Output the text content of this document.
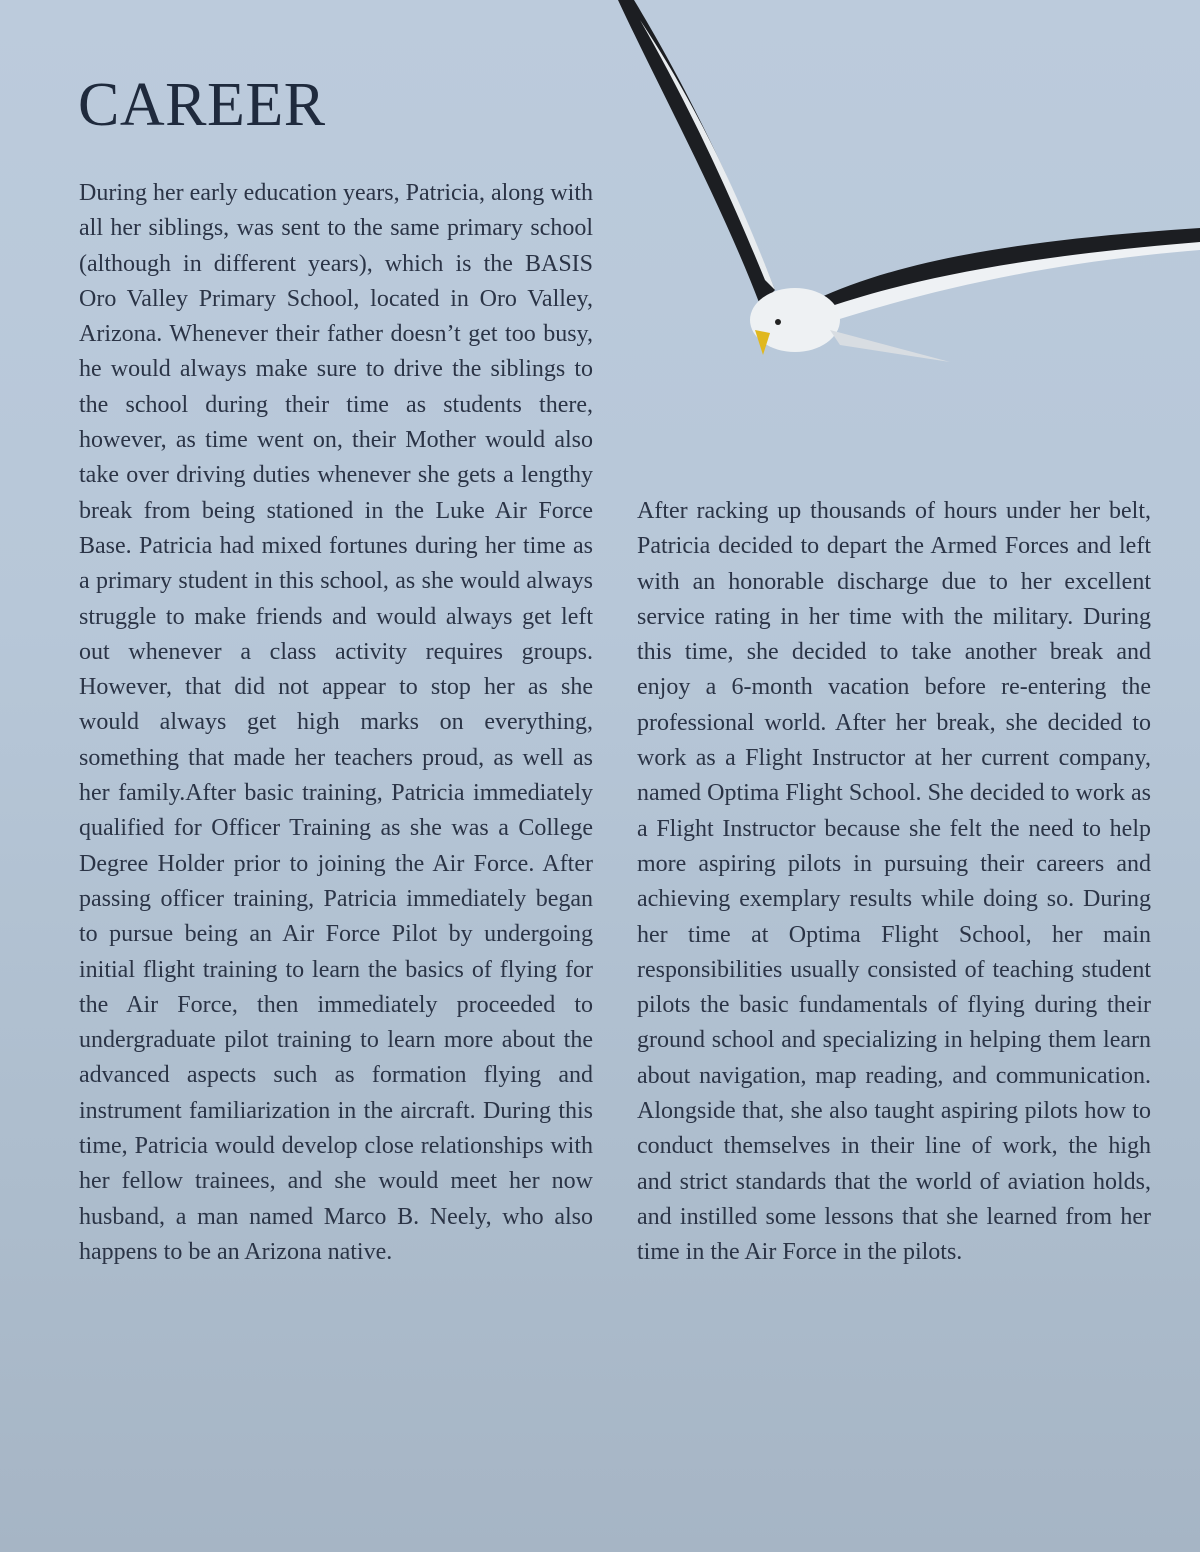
CAREER

During her early education years, Patricia, along with all her siblings, was sent to the same primary school (although in different years), which is the BASIS Oro Valley Primary School, located in Oro Valley, Arizona. Whenever their father doesn’t get too busy, he would always make sure to drive the siblings to the school during their time as students there, however, as time went on, their Mother would also take over driving duties whenever she gets a lengthy break from being stationed in the Luke Air Force Base. Patricia had mixed fortunes during her time as a primary student in this school, as she would always struggle to make friends and would always get left out whenever a class activity requires groups. However, that did not appear to stop her as she would always get high marks on everything, something that made her teachers proud, as well as her family.After basic training, Patricia immediately qualified for Officer Training as she was a College Degree Holder prior to joining the Air Force. After passing officer training, Patricia immediately began to pursue being an Air Force Pilot by undergoing initial flight training to learn the basics of flying for the Air Force, then immediately proceeded to undergraduate pilot training to learn more about the advanced aspects such as formation flying and instrument familiarization in the aircraft. During this time, Patricia would develop close relationships with her fellow trainees, and she would meet her now husband, a man named Marco B. Neely, who also happens to be an Arizona native.

After racking up thousands of hours under her belt, Patricia decided to depart the Armed Forces and left with an honorable discharge due to her excellent service rating in her time with the military. During this time, she decided to take another break and enjoy a 6-month vacation before re-entering the professional world. After her break, she decided to work as a Flight Instructor at her current company, named Optima Flight School. She decided to work as a Flight Instructor because she felt the need to help more aspiring pilots in pursuing their careers and achieving exemplary results while doing so. During her time at Optima Flight School, her main responsibilities usually consisted of teaching student pilots the basic fundamentals of flying during their ground school and specializing in helping them learn about navigation, map reading, and communication. Alongside that, she also taught aspiring pilots how to conduct themselves in their line of work, the high and strict standards that the world of aviation holds, and instilled some lessons that she learned from her time in the Air Force in the pilots.
